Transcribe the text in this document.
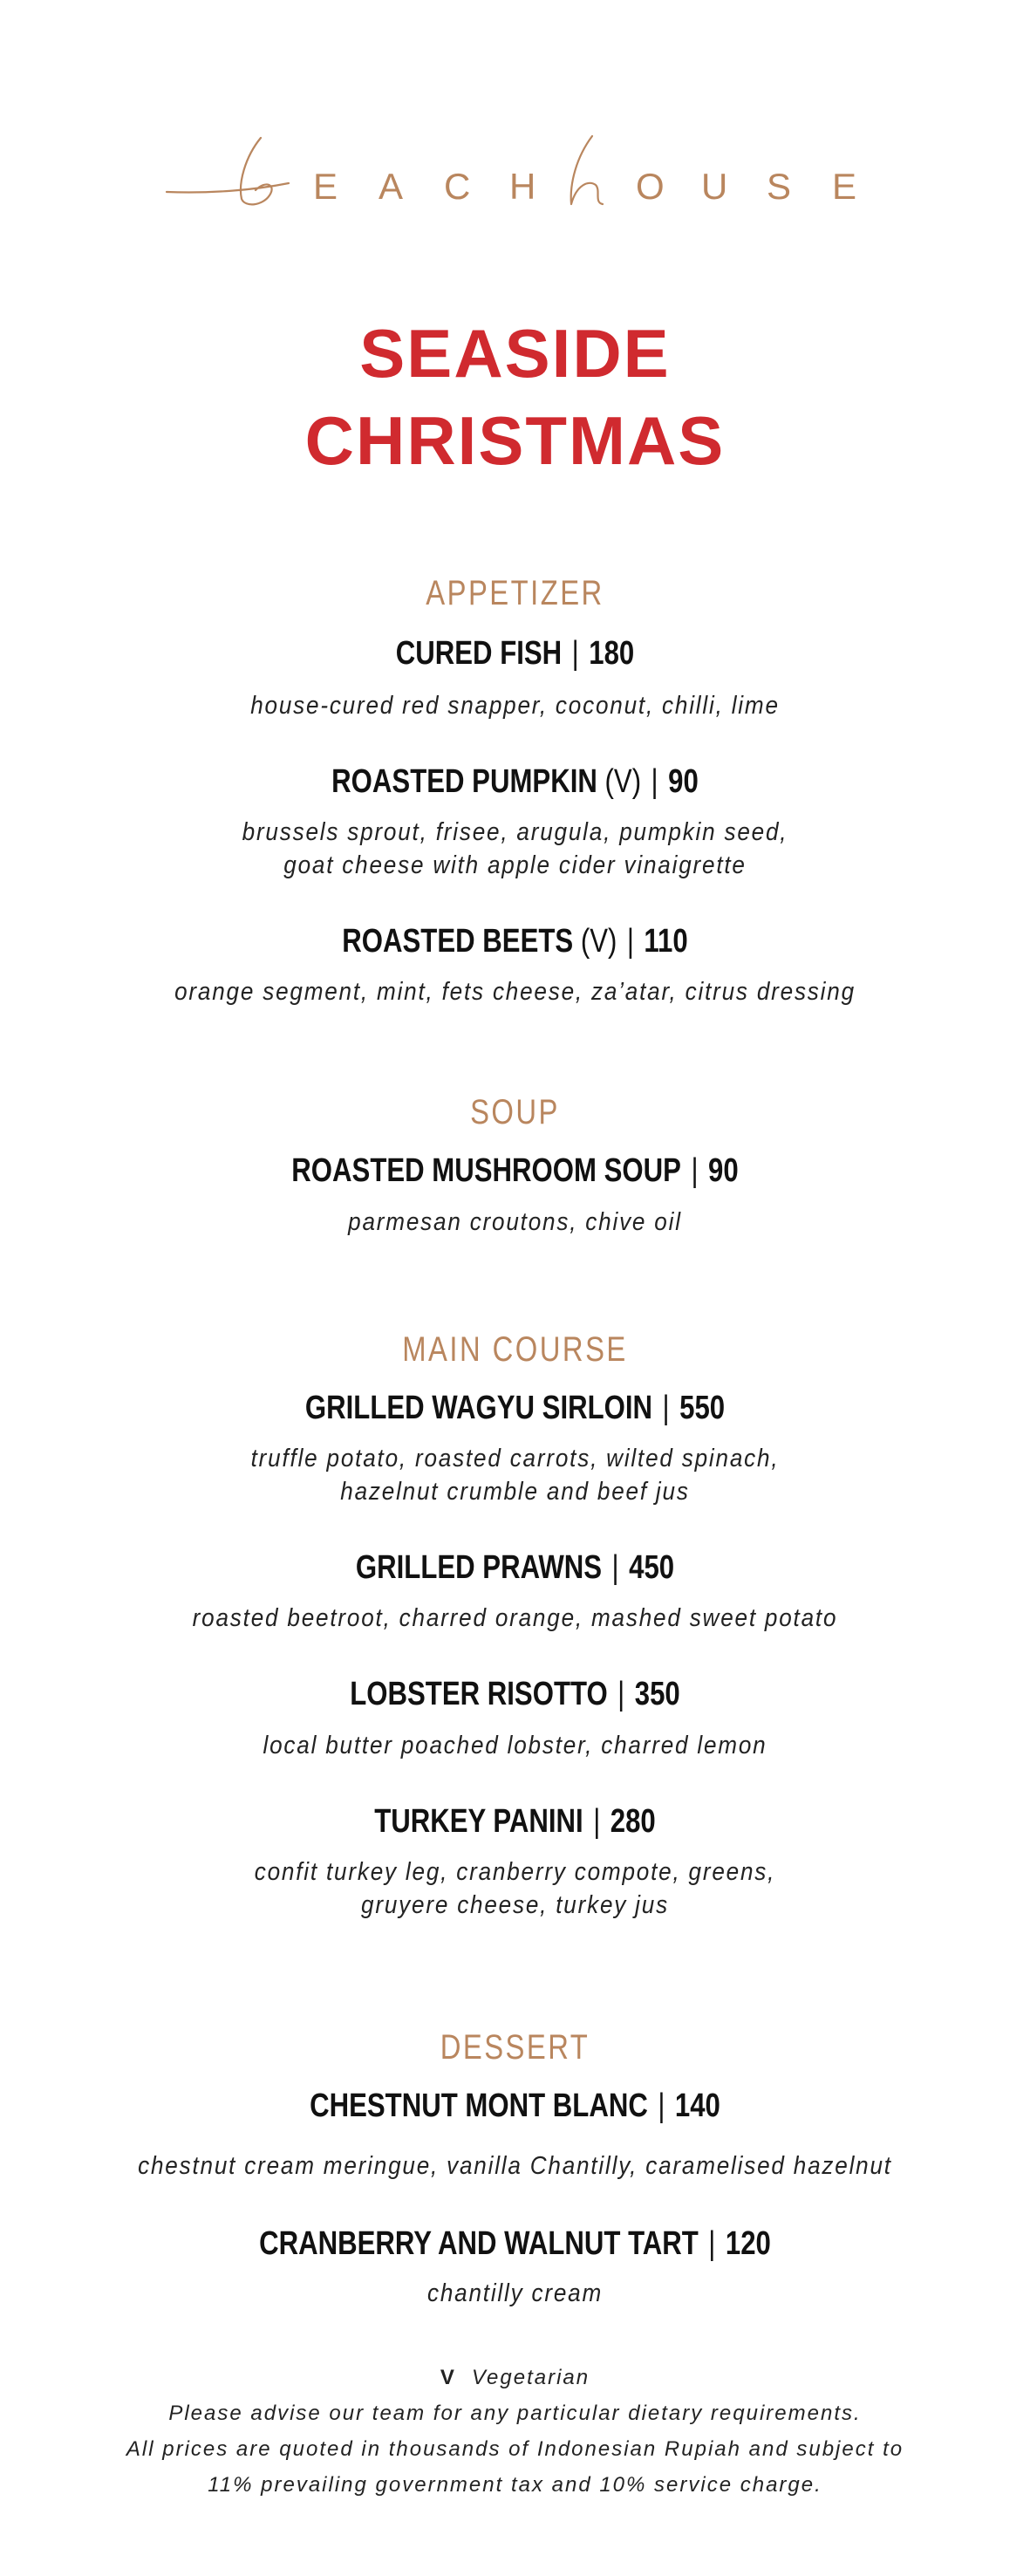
E A C H	O U S E
SEASIDE
CHRISTMAS
APPETIZER
CURED FISH | 180
house-cured red snapper, coconut, chilli, lime
ROASTED PUMPKIN (V) | 90
brussels sprout, frisee, arugula, pumpkin seed,
goat cheese with apple cider vinaigrette
ROASTED BEETS (V) | 110
orange segment, mint, fets cheese, za’atar, citrus dressing
SOUP
ROASTED MUSHROOM SOUP | 90
parmesan croutons, chive oil
MAIN COURSE
GRILLED WAGYU SIRLOIN | 550
truffle potato, roasted carrots, wilted spinach,
hazelnut crumble and beef jus
GRILLED PRAWNS | 450
roasted beetroot, charred orange, mashed sweet potato
LOBSTER RISOTTO | 350
local butter poached lobster, charred lemon
TURKEY PANINI | 280
confit turkey leg, cranberry compote, greens,
gruyere cheese, turkey jus
DESSERT
CHESTNUT MONT BLANC | 140
chestnut cream meringue, vanilla Chantilly, caramelised hazelnut
CRANBERRY AND WALNUT TART | 120
chantilly cream
V Vegetarian
Please advise our team for any particular dietary requirements.
All prices are quoted in thousands of Indonesian Rupiah and subject to
11% prevailing government tax and 10% service charge.
